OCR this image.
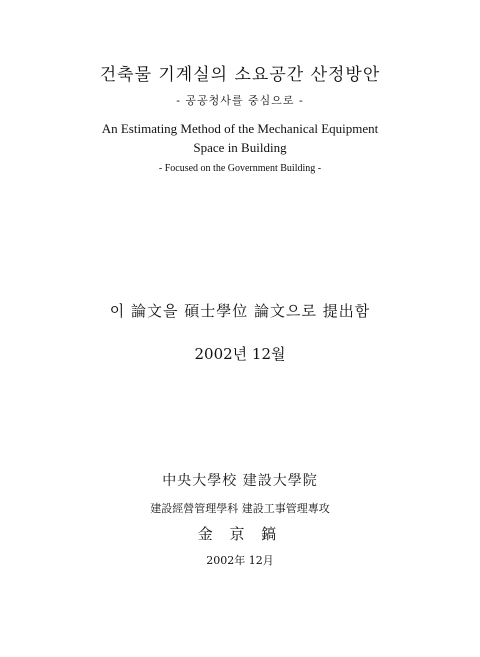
건축물 기계실의 소요공간 산정방안
- 공공청사를 중심으로 -
An Estimating Method of the Mechanical Equipment
Space in Building
- Focused on the Government Building -
이 論文을 碩士學位 論文으로 提出함
2002년 12월
中央大學校 建設大學院
建設經營管理學科 建設工事管理專攻
金 京 鎬
2002年 12月
